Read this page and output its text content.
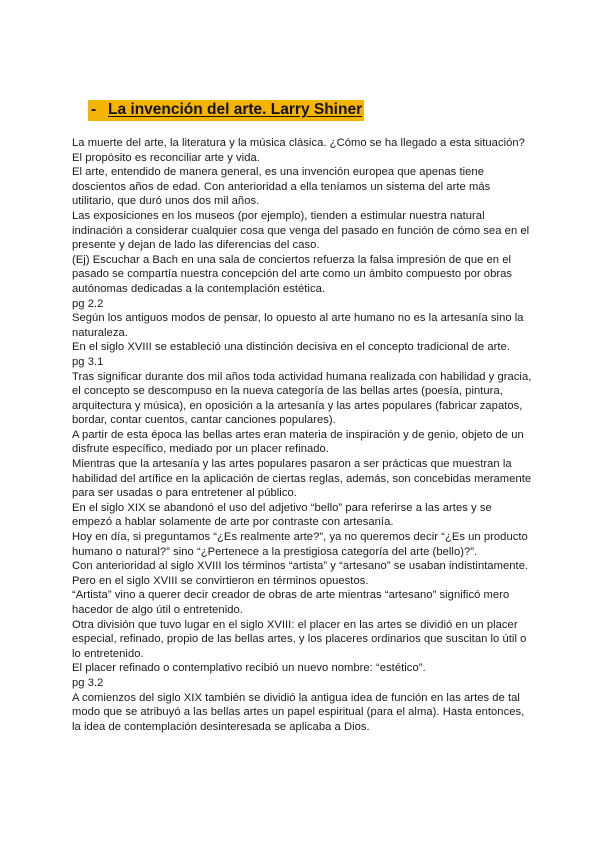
- La invención del arte. Larry Shiner

La muerte del arte, la literatura y la música clásica. ¿Cómo se ha llegado a esta situación?

El propósito es reconciliar arte y vida.

El arte, entendido de manera general, es una invención europea que apenas tiene doscientos años de edad. Con anterioridad a ella teníamos un sistema del arte más utilitario, que duró unos dos mil años.

Las exposiciones en los museos (por ejemplo), tienden a estimular nuestra natural indinación a considerar cualquier cosa que venga del pasado en función de cómo sea en el presente y dejan de lado las diferencias del caso.

(Ej) Escuchar a Bach en una sala de conciertos refuerza la falsa impresión de que en el pasado se compartía nuestra concepción del arte como un ámbito compuesto por obras autónomas dedicadas a la contemplación estética.

pg 2.2

Según los antiguos modos de pensar, lo opuesto al arte humano no es la artesanía sino la naturaleza.

En el siglo XVIII se estableció una distinción decisiva en el concepto tradicional de arte.

pg 3.1

Tras significar durante dos mil años toda actividad humana realizada con habilidad y gracia, el concepto se descompuso en la nueva categoría de las bellas artes (poesía, pintura, arquitectura y música), en oposición a la artesanía y las artes populares (fabricar zapatos, bordar, contar cuentos, cantar canciones populares).

A partir de esta época las bellas artes eran materia de inspiración y de genio, objeto de un disfrute específico, mediado por un placer refinado.

Mientras que la artesanía y las artes populares pasaron a ser prácticas que muestran la habilidad del artífice en la aplicación de ciertas reglas, además, son concebidas meramente para ser usadas o para entretener al público.

En el siglo XIX se abandonó el uso del adjetivo “bello” para referirse a las artes y se empezó a hablar solamente de arte por contraste con artesanía.

Hoy en día, si preguntamos “¿Es realmente arte?”, ya no queremos decir “¿Es un producto humano o natural?” sino “¿Pertenece a la prestigiosa categoría del arte (bello)?”.

Con anterioridad al siglo XVIII los términos “artista” y “artesano” se usaban indistintamente. Pero en el siglo XVIII se convirtieron en términos opuestos.

“Artista” vino a querer decir creador de obras de arte mientras “artesano” significó mero hacedor de algo útil o entretenido.

Otra división que tuvo lugar en el siglo XVIII: el placer en las artes se dividió en un placer especial, refinado, propio de las bellas artes, y los placeres ordinarios que suscitan lo útil o lo entretenido.

El placer refinado o contemplativo recibió un nuevo nombre: “estético”.

pg 3.2

A comienzos del siglo XIX también se dividió la antigua idea de función en las artes de tal modo que se atribuyó a las bellas artes un papel espiritual (para el alma). Hasta entonces, la idea de contemplación desinteresada se aplicaba a Dios.
